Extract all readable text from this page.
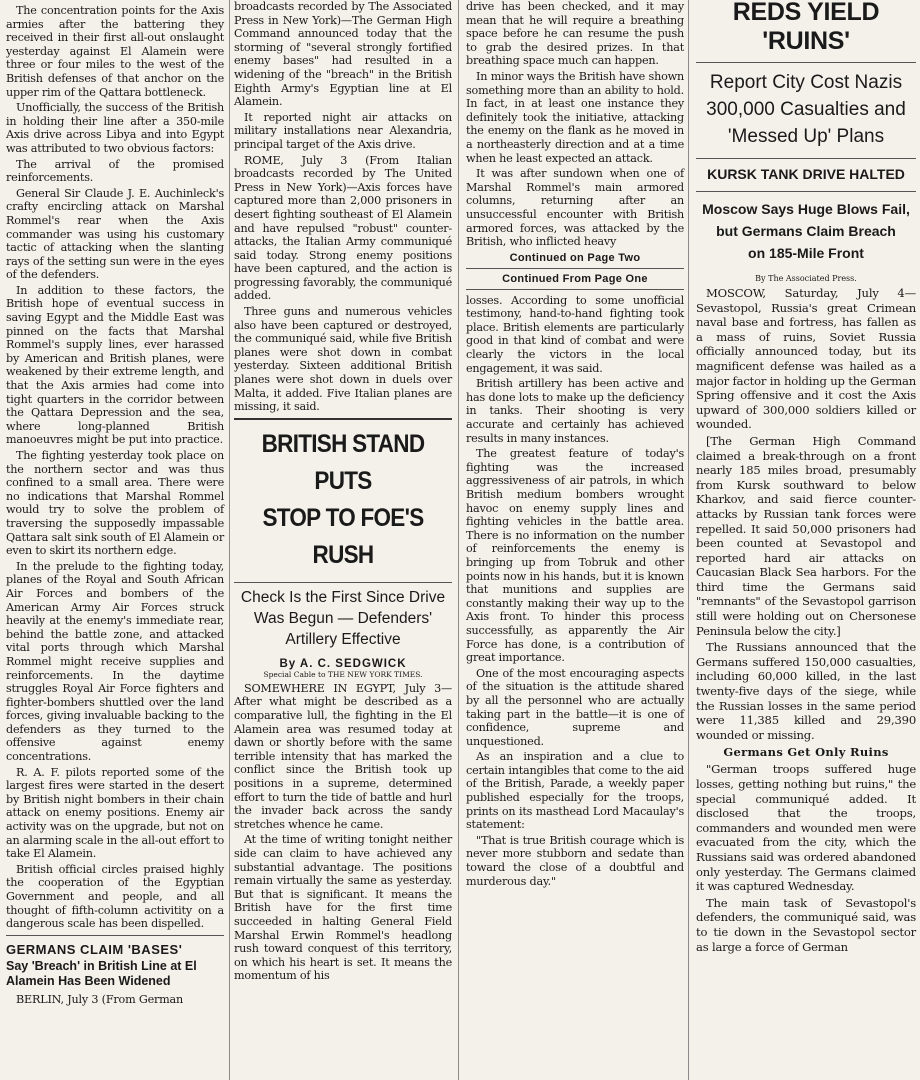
The concentration points for the Axis armies after the battering they received in their first all-out onslaught yesterday against El Alamein were three or four miles to the west of the British defenses of that anchor on the upper rim of the Qattara bottleneck.

Unofficially, the success of the British in holding their line after a 350-mile Axis drive across Libya and into Egypt was attributed to two obvious factors:

The arrival of the promised reinforcements.

General Sir Claude J. E. Auchinleck's crafty encircling attack on Marshal Rommel's rear when the Axis commander was using his customary tactic of attacking when the slanting rays of the setting sun were in the eyes of the defenders.

In addition to these factors, the British hope of eventual success in saving Egypt and the Middle East was pinned on the facts that Marshal Rommel's supply lines, ever harassed by American and British planes, were weakened by their extreme length, and that the Axis armies had come into tight quarters in the corridor between the Qattara Depression and the sea, where long-planned British manoeuvres might be put into practice.

The fighting yesterday took place on the northern sector and was thus confined to a small area. There were no indications that Marshal Rommel would try to solve the problem of traversing the supposedly impassable Qattara salt sink south of El Alamein or even to skirt its northern edge.

In the prelude to the fighting today, planes of the Royal and South African Air Forces and bombers of the American Army Air Forces struck heavily at the enemy's immediate rear, behind the battle zone, and attacked vital ports through which Marshal Rommel might receive supplies and reinforcements. In the daytime struggles Royal Air Force fighters and fighter-bombers shuttled over the land forces, giving invaluable backing to the defenders as they turned to the offensive against enemy concentrations.

R. A. F. pilots reported some of the largest fires were started in the desert by British night bombers in their chain attack on enemy positions. Enemy air activity was on the upgrade, but not on an alarming scale in the all-out effort to take El Alamein.

British official circles praised highly the cooperation of the Egyptian Government and people, and all thought of fifth-column activitity on a dangerous scale has been dispelled.

GERMANS CLAIM 'BASES'
Say 'Breach' in British Line at El Alamein Has Been Widened

BERLIN, July 3 (From German

broadcasts recorded by The Associated Press in New York)—The German High Command announced today that the storming of "several strongly fortified enemy bases" had resulted in a widening of the "breach" in the British Eighth Army's Egyptian line at El Alamein.

It reported night air attacks on military installations near Alexandria, principal target of the Axis drive.

ROME, July 3 (From Italian broadcasts recorded by The United Press in New York)—Axis forces have captured more than 2,000 prisoners in desert fighting southeast of El Alamein and have repulsed "robust" counter-attacks, the Italian Army communiqué said today. Strong enemy positions have been captured, and the action is progressing favorably, the communiqué added.

Three guns and numerous vehicles also have been captured or destroyed, the communiqué said, while five British planes were shot down in combat yesterday. Sixteen additional British planes were shot down in duels over Malta, it added. Five Italian planes are missing, it said.

BRITISH STAND PUTS
STOP TO FOE'S RUSH
Check Is the First Since Drive
Was Begun — Defenders'
Artillery Effective
By A. C. SEDGWICK
Special Cable to THE NEW YORK TIMES.

SOMEWHERE IN EGYPT, July 3—After what might be described as a comparative lull, the fighting in the El Alamein area was resumed today at dawn or shortly before with the same terrible intensity that has marked the conflict since the British took up positions in a supreme, determined effort to turn the tide of battle and hurl the invader back across the sandy stretches whence he came.

At the time of writing tonight neither side can claim to have achieved any substantial advantage. The positions remain virtually the same as yesterday. But that is significant. It means the British have for the first time succeeded in halting General Field Marshal Erwin Rommel's headlong rush toward conquest of this territory, on which his heart is set. It means the momentum of his

drive has been checked, and it may mean that he will require a breathing space before he can resume the push to grab the desired prizes. In that breathing space much can happen.

In minor ways the British have shown something more than an ability to hold. In fact, in at least one instance they definitely took the initiative, attacking the enemy on the flank as he moved in a northeasterly direction and at a time when he least expected an attack.

It was after sundown when one of Marshal Rommel's main armored columns, returning after an unsuccessful encounter with British armored forces, was attacked by the British, who inflicted heavy

Continued on Page Two
Continued From Page One

losses. According to some unofficial testimony, hand-to-hand fighting took place. British elements are particularly good in that kind of combat and were clearly the victors in the local engagement, it was said.

British artillery has been active and has done lots to make up the deficiency in tanks. Their shooting is very accurate and certainly has achieved results in many instances.

The greatest feature of today's fighting was the increased aggressiveness of air patrols, in which British medium bombers wrought havoc on enemy supply lines and fighting vehicles in the battle area. There is no information on the number of reinforcements the enemy is bringing up from Tobruk and other points now in his hands, but it is known that munitions and supplies are constantly making their way up to the Axis front. To hinder this process successfully, as apparently the Air Force has done, is a contribution of great importance.

One of the most encouraging aspects of the situation is the attitude shared by all the personnel who are actually taking part in the battle—it is one of confidence, supreme and unquestioned.

As an inspiration and a clue to certain intangibles that come to the aid of the British, Parade, a weekly paper published especially for the troops, prints on its masthead Lord Macaulay's statement:

"That is true British courage which is never more stubborn and sedate than toward the close of a doubtful and murderous day."

REDS YIELD 'RUINS'
Report City Cost Nazis
300,000 Casualties and
'Messed Up' Plans
KURSK TANK DRIVE HALTED
Moscow Says Huge Blows Fail,
but Germans Claim Breach
on 185-Mile Front
By The Associated Press.

MOSCOW, Saturday, July 4—Sevastopol, Russia's great Crimean naval base and fortress, has fallen as a mass of ruins, Soviet Russia officially announced today, but its magnificent defense was hailed as a major factor in holding up the German Spring offensive and it cost the Axis upward of 300,000 soldiers killed or wounded.

[The German High Command claimed a break-through on a front nearly 185 miles broad, presumably from Kursk southward to below Kharkov, and said fierce counter-attacks by Russian tank forces were repelled. It said 50,000 prisoners had been counted at Sevastopol and reported hard air attacks on Caucasian Black Sea harbors. For the third time the Germans said "remnants" of the Sevastopol garrison still were holding out on Chersonese Peninsula below the city.]

The Russians announced that the Germans suffered 150,000 casualties, including 60,000 killed, in the last twenty-five days of the siege, while the Russian losses in the same period were 11,385 killed and 29,390 wounded or missing.

Germans Get Only Ruins

"German troops suffered huge losses, getting nothing but ruins," the special communiqué added. It disclosed that the troops, commanders and wounded men were evacuated from the city, which the Russians said was ordered abandoned only yesterday. The Germans claimed it was captured Wednesday.

The main task of Sevastopol's defenders, the communiqué said, was to tie down in the Sevastopol sector as large a force of German
